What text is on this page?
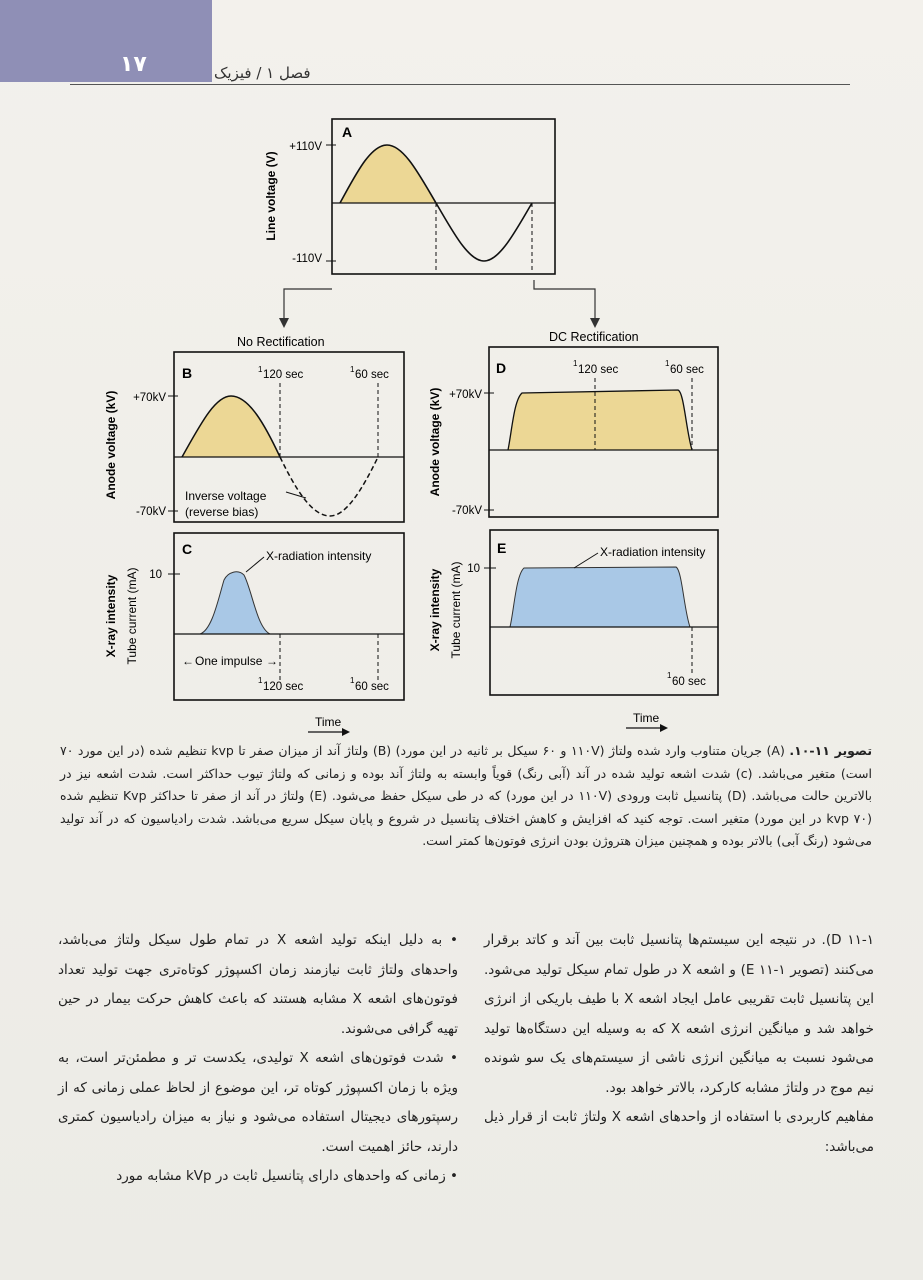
۱۷	فصل ۱ / فیزیک
A
+110V
-110V
Line voltage (V)
No Rectification	DC Rectification
B	1 120 sec	1 60 sec
+70kV
-70kV
Inverse voltage
(reverse bias)
Anode voltage (kV)
C	X-radiation intensity
10
← One impulse →
1
120 sec
1
60 sec
X-ray intensity Tube current (mA)
D	1
120 sec
1
60 sec
+70kV
-70kV
Anode voltage (kV)
E	X-radiation intensity
10
1
60 sec
X-ray intensity Tube current (mA)
Time	Time
تصویر ۱۱-۱۰. (A) جریان متناوب وارد شده ولتاژ (۱۱۰V و ۶۰ سیکل بر ثانیه در این مورد) (B) ولتاژ آند از میزان صفر تا kvp تنظیم شده (در این مورد ۷۰ است) متغیر می‌باشد. (c) شدت اشعه تولید شده در آند (آبی رنگ) قویاً وابسته به ولتاژ آند بوده و زمانی که ولتاژ تیوب حداکثر است. شدت اشعه نیز در بالاترین حالت می‌باشد. (D) پتانسیل ثابت ورودی (۱۱۰V در این مورد) که در طی سیکل حفظ می‌شود. (E) ولتاژ در آند از صفر تا حداکثر Kvp تنظیم شده (kvp ۷۰ در این مورد) متغیر است. توجه کنید که افزایش و کاهش اختلاف پتانسیل در شروع و پایان سیکل سریع می‌باشد. شدت رادیاسیون که در آند تولید می‌شود (رنگ آبی) بالاتر بوده و همچنین میزان هتروژن بودن انرژی فوتون‌ها کمتر است.

D ۱۱-۱). در نتیجه این سیستم‌ها پتانسیل ثابت بین آند و کاتد برقرار می‌کنند (تصویر E ۱۱-۱) و اشعه X در طول تمام سیکل تولید می‌شود. این پتانسیل ثابت تقریبی عامل ایجاد اشعه X با طیف باریکی از انرژی خواهد شد و میانگین انرژی اشعه X که به وسیله این دستگاه‌ها تولید می‌شود نسبت به میانگین انرژی ناشی از سیستم‌های یک سو شونده نیم موج در ولتاژ مشابه کارکرد، بالاتر خواهد بود.

مفاهیم کاربردی با استفاده از واحدهای اشعه X ولتاژ ثابت از قرار ذیل می‌باشد:

• به دلیل اینکه تولید اشعه X در تمام طول سیکل ولتاژ می‌باشد، واحدهای ولتاژ ثابت نیازمند زمان اکسپوژر کوتاه‌تری جهت تولید تعداد فوتون‌های اشعه X مشابه هستند که باعث کاهش حرکت بیمار در حین تهیه گرافی می‌شوند.

• شدت فوتون‌های اشعه X تولیدی، یکدست تر و مطمئن‌تر است، به ویژه با زمان اکسپوژر کوتاه تر، این موضوع از لحاظ عملی زمانی که از رسپتورهای دیجیتال استفاده می‌شود و نیاز به میزان رادیاسیون کمتری دارند، حائز اهمیت است.

• زمانی که واحدهای دارای پتانسیل ثابت در kVp مشابه مورد
